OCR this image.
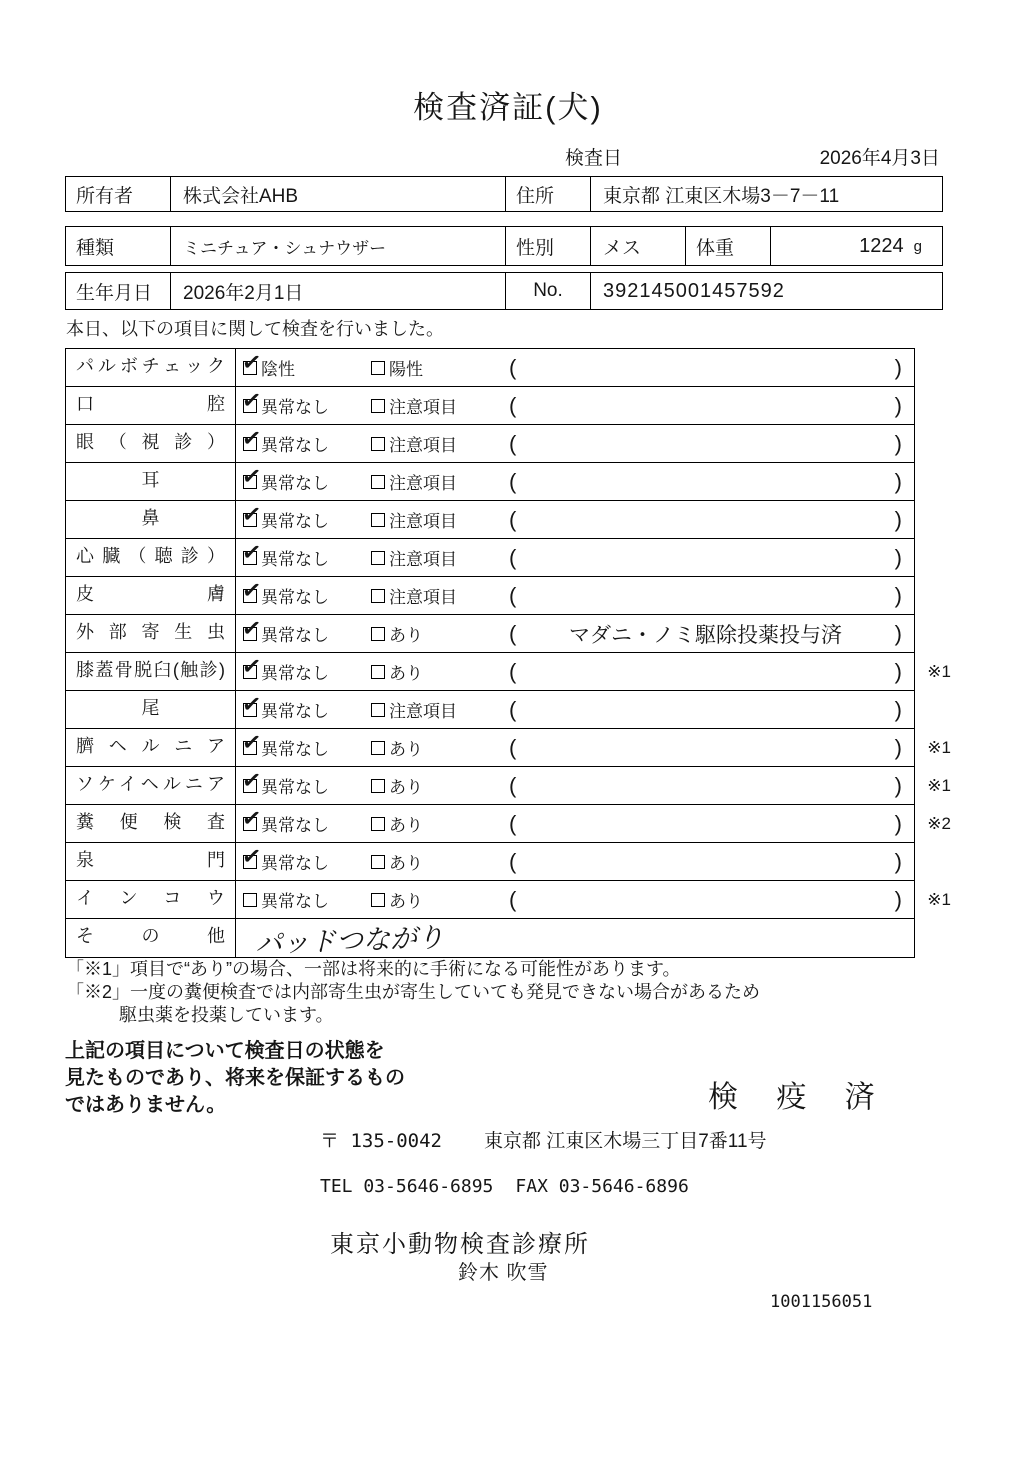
検査済証(犬)
検査日	2026年4月3日
所有者	株式会社AHB	住所	東京都 江東区木場3－7－11
種類	ミニチュア・シュナウザー	性別	メス	体重	1224 g
生年月日	2026年2月1日	No.	392145001457592
本日、以下の項目に関して検査を行いました。
パルボチェック ✓	陰性	陽性	(	)
口腔 ✓	異常なし	注意項目 (	)
眼（視診） ✓	異常なし	注意項目 (	)
耳 ✓	異常なし	注意項目 (	)
鼻 ✓	異常なし	注意項目 (	)
心臓（聴診） ✓	異常なし	注意項目 (	)
皮膚 ✓	異常なし	注意項目 (	)
外部寄生虫 ✓	異常なし	あり	(	マダニ・ノミ駆除投薬投与済 )
膝蓋骨脱臼(触診) ✓	異常なし	あり	(	) ※1
尾 ✓	異常なし	注意項目 (	)
臍ヘルニア ✓	異常なし	あり	(	) ※1
ソケイヘルニア ✓	異常なし	あり	(	) ※1
糞便検査 ✓	異常なし	あり	(	) ※2
泉門 ✓	異常なし	あり	(	)
インコウ	異常なし	あり	(	) ※1
その他	パッドつながり
「※1」項目で“あり”の場合、一部は将来的に手術になる可能性があります。
「※2」一度の糞便検査では内部寄生虫が寄生していても発見できない場合があるため
駆虫薬を投薬しています。
上記の項目について検査日の状態を
見たものであり、将来を保証するもの
ではありません。	検 疫 済
〒 135-0042 東京都 江東区木場三丁目7番11号
TEL 03-5646-6895 FAX 03-5646-6896
東京小動物検査診療所
鈴木 吹雪
1001156051
